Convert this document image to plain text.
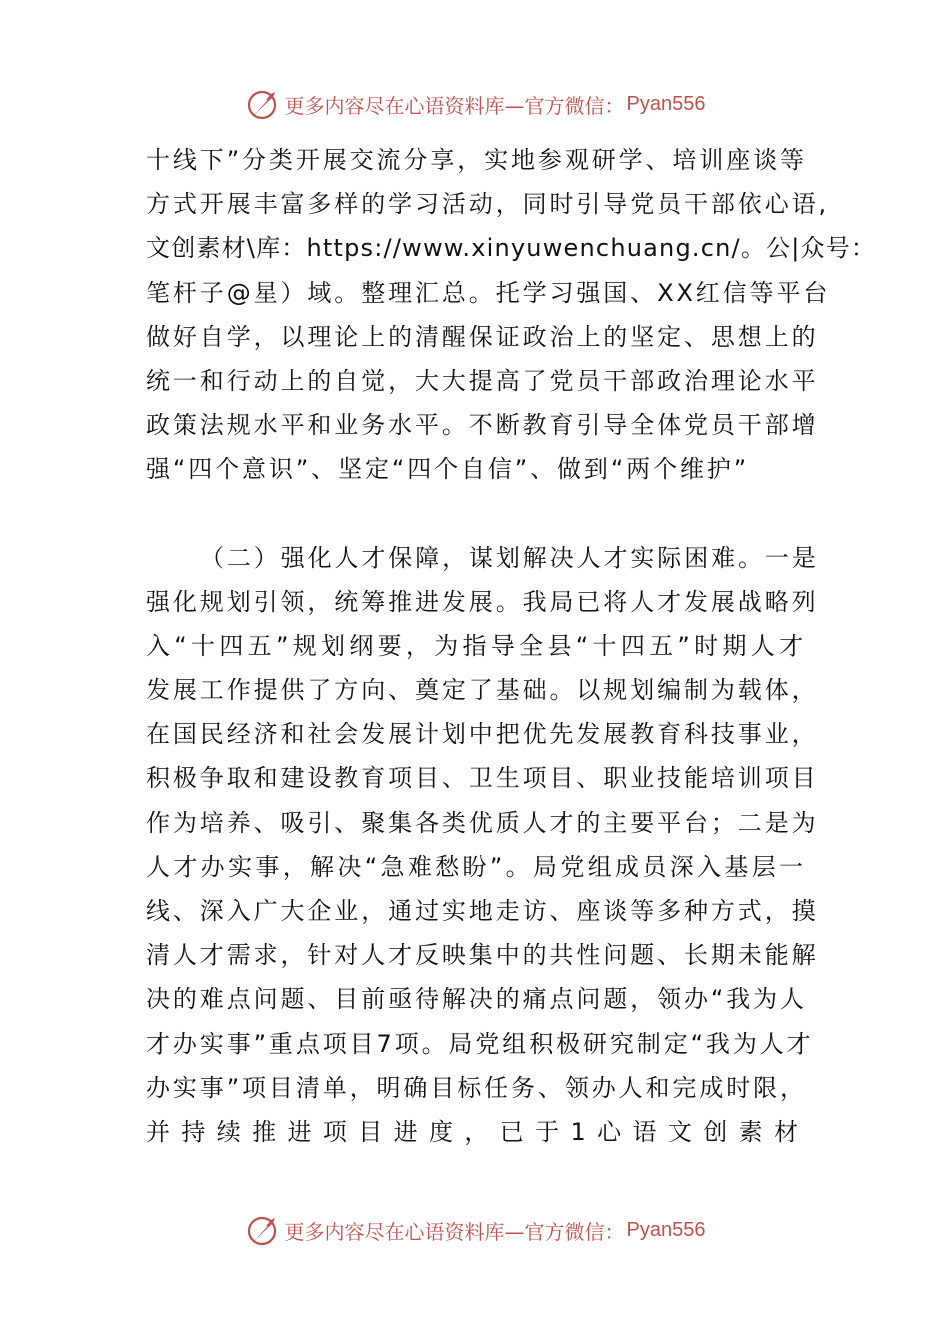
更多内容尽在心语资料库—官方微信： Pyan556
十线下”分类开展交流分享，实地参观研学、培训座谈等
方式开展丰富多样的学习活动，同时引导党员干部依心语,
文创素材\库：https://www.xinyuwenchuang.cn/。公|众号：
笔杆子@星）域。整理汇总。托学习强国、XX红信等平台
做好自学，以理论上的清醒保证政治上的坚定、思想上的
统一和行动上的自觉，大大提高了党员干部政治理论水平
政策法规水平和业务水平。不断教育引导全体党员干部增
强“四个意识”、坚定“四个自信”、做到“两个维护”
（二）强化人才保障，谋划解决人才实际困难。一是
强化规划引领，统筹推进发展。我局已将人才发展战略列
入“十四五”规划纲要，为指导全县“十四五”时期人才
发展工作提供了方向、奠定了基础。以规划编制为载体，
在国民经济和社会发展计划中把优先发展教育科技事业，
积极争取和建设教育项目、卫生项目、职业技能培训项目
作为培养、吸引、聚集各类优质人才的主要平台；二是为
人才办实事，解决“急难愁盼”。局党组成员深入基层一
线、深入广大企业，通过实地走访、座谈等多种方式，摸
清人才需求，针对人才反映集中的共性问题、长期未能解
决的难点问题、目前亟待解决的痛点问题，领办“我为人
才办实事”重点项目7项。局党组积极研究制定“我为人才
办实事”项目清单，明确目标任务、领办人和完成时限，
并持续推进项目进度，已于1心语文创素材
更多内容尽在心语资料库—官方微信： Pyan556
